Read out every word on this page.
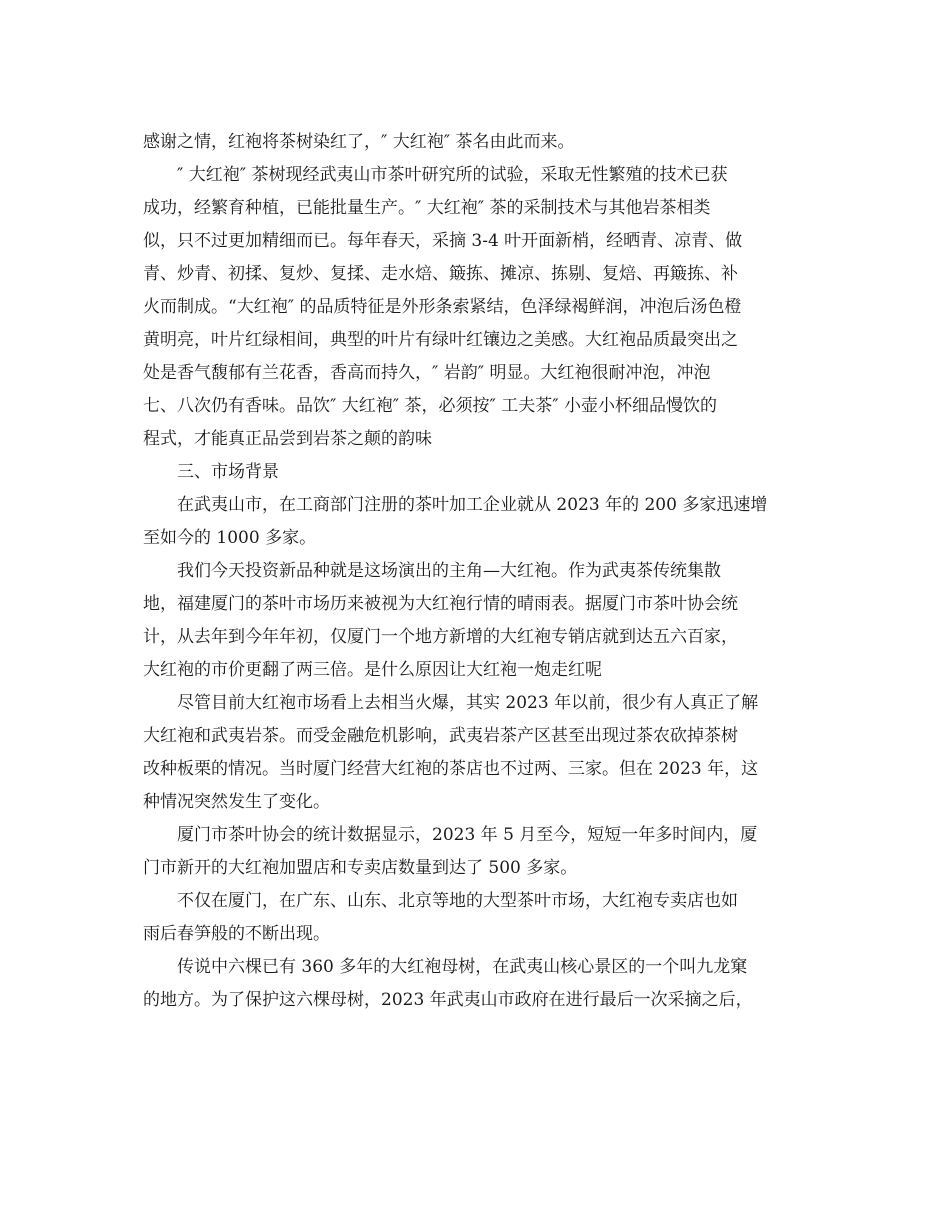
感谢之情，红袍将茶树染红了，″ 大红袍″ 茶名由此而来。

″ 大红袍″ 茶树现经武夷山市茶叶研究所的试验，采取无性繁殖的技术已获

成功，经繁育种植，已能批量生产。″ 大红袍″ 茶的采制技术与其他岩茶相类

似，只不过更加精细而已。每年春天，采摘 3-4 叶开面新梢，经晒青、凉青、做

青、炒青、初揉、复炒、复揉、走水焙、簸拣、摊凉、拣剔、复焙、再簸拣、补

火而制成。“大红袍″ 的品质特征是外形条索紧结，色泽绿褐鲜润，冲泡后汤色橙

黄明亮，叶片红绿相间，典型的叶片有绿叶红镶边之美感。大红袍品质最突出之

处是香气馥郁有兰花香，香高而持久，″ 岩韵″ 明显。大红袍很耐冲泡，冲泡

七、八次仍有香味。品饮″ 大红袍″ 茶，必须按″ 工夫茶″ 小壶小杯细品慢饮的

程式，才能真正品尝到岩茶之颠的韵味

三、市场背景

在武夷山市，在工商部门注册的茶叶加工企业就从 2023 年的 200 多家迅速增

至如今的 1000 多家。

我们今天投资新品种就是这场演出的主角—大红袍。作为武夷茶传统集散

地，福建厦门的茶叶市场历来被视为大红袍行情的晴雨表。据厦门市茶叶协会统

计，从去年到今年年初，仅厦门一个地方新增的大红袍专销店就到达五六百家，

大红袍的市价更翻了两三倍。是什么原因让大红袍一炮走红呢

尽管目前大红袍市场看上去相当火爆，其实 2023 年以前，很少有人真正了解

大红袍和武夷岩茶。而受金融危机影响，武夷岩茶产区甚至出现过茶农砍掉茶树

改种板栗的情况。当时厦门经营大红袍的茶店也不过两、三家。但在 2023 年，这

种情况突然发生了变化。

厦门市茶叶协会的统计数据显示，2023 年 5 月至今，短短一年多时间内，厦

门市新开的大红袍加盟店和专卖店数量到达了 500 多家。

不仅在厦门，在广东、山东、北京等地的大型茶叶市场，大红袍专卖店也如

雨后春笋般的不断出现。

传说中六棵已有 360 多年的大红袍母树，在武夷山核心景区的一个叫九龙窠

的地方。为了保护这六棵母树，2023 年武夷山市政府在进行最后一次采摘之后，
